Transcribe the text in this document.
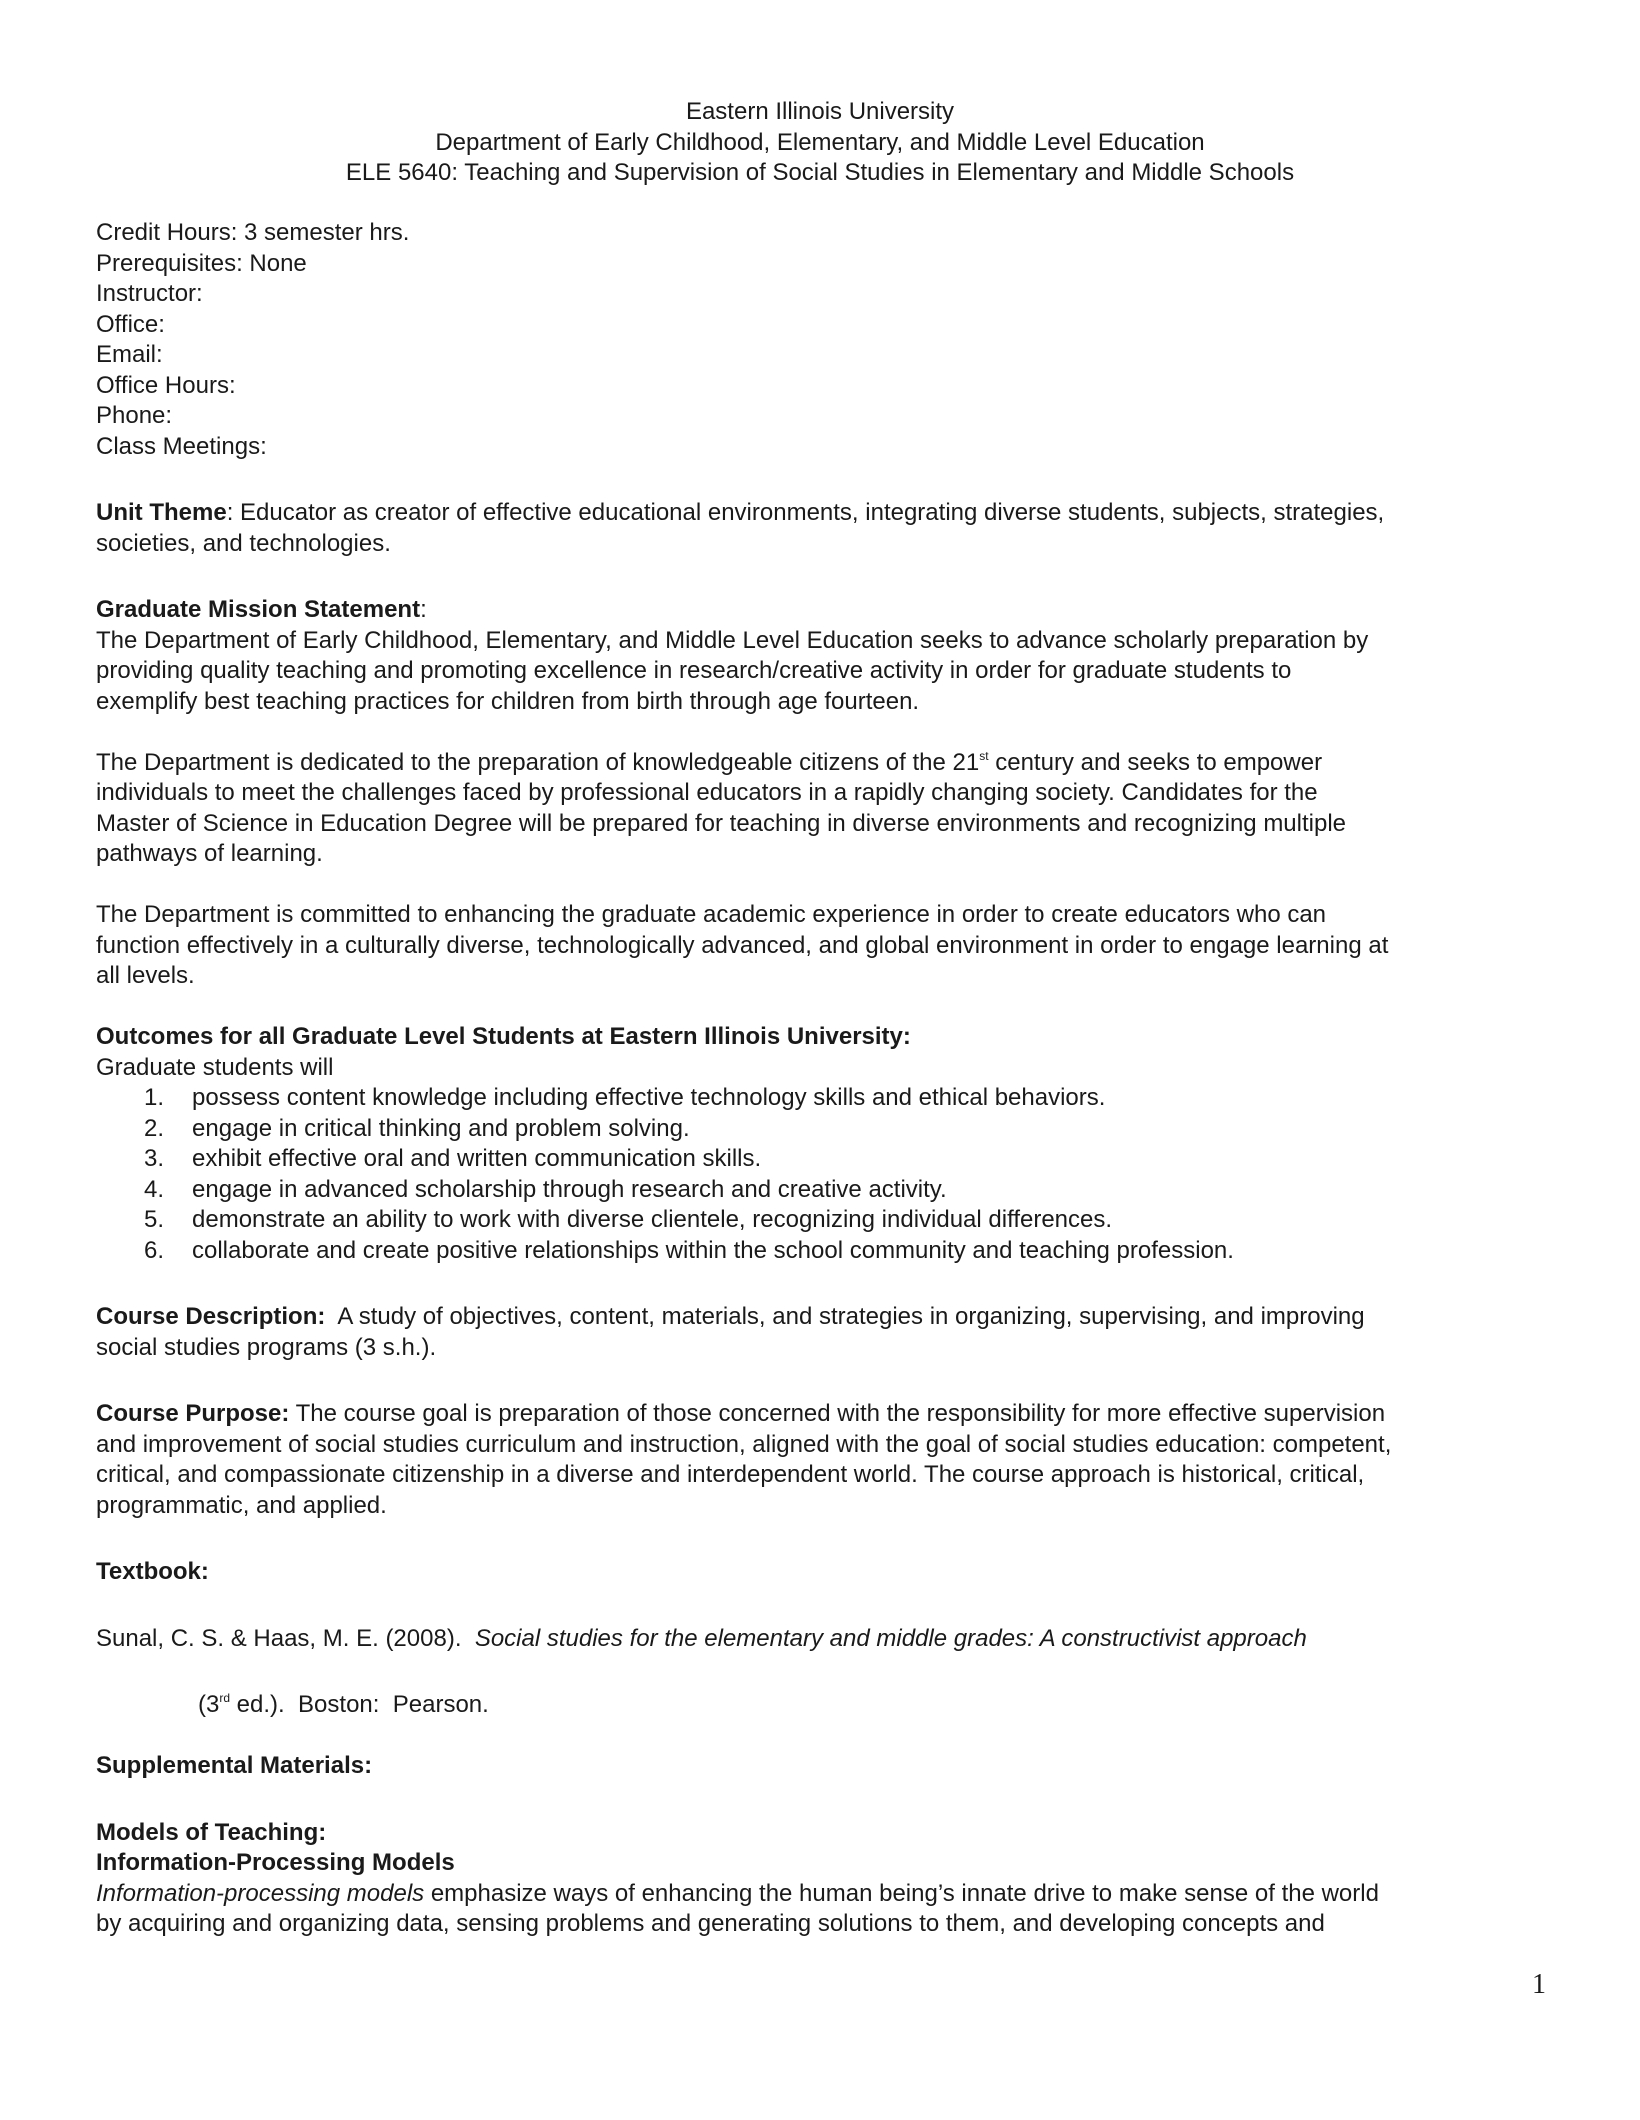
Eastern Illinois University
Department of Early Childhood, Elementary, and Middle Level Education
ELE 5640: Teaching and Supervision of Social Studies in Elementary and Middle Schools
Credit Hours: 3 semester hrs.
Prerequisites: None
Instructor:
Office:
Email:
Office Hours:
Phone:
Class Meetings:
Unit Theme: Educator as creator of effective educational environments, integrating diverse students, subjects, strategies,
societies, and technologies.
Graduate Mission Statement:
The Department of Early Childhood, Elementary, and Middle Level Education seeks to advance scholarly preparation by
providing quality teaching and promoting excellence in research/creative activity in order for graduate students to
exemplify best teaching practices for children from birth through age fourteen.
The Department is dedicated to the preparation of knowledgeable citizens of the 21st century and seeks to empower
individuals to meet the challenges faced by professional educators in a rapidly changing society. Candidates for the
Master of Science in Education Degree will be prepared for teaching in diverse environments and recognizing multiple
pathways of learning.
The Department is committed to enhancing the graduate academic experience in order to create educators who can
function effectively in a culturally diverse, technologically advanced, and global environment in order to engage learning at
all levels.
Outcomes for all Graduate Level Students at Eastern Illinois University:
Graduate students will
1. possess content knowledge including effective technology skills and ethical behaviors.
2. engage in critical thinking and problem solving.
3. exhibit effective oral and written communication skills.
4. engage in advanced scholarship through research and creative activity.
5. demonstrate an ability to work with diverse clientele, recognizing individual differences.
6. collaborate and create positive relationships within the school community and teaching profession.
Course Description:  A study of objectives, content, materials, and strategies in organizing, supervising, and improving
social studies programs (3 s.h.).
Course Purpose: The course goal is preparation of those concerned with the responsibility for more effective supervision
and improvement of social studies curriculum and instruction, aligned with the goal of social studies education: competent,
critical, and compassionate citizenship in a diverse and interdependent world. The course approach is historical, critical,
programmatic, and applied.
Textbook:
Sunal, C. S. & Haas, M. E. (2008).  Social studies for the elementary and middle grades: A constructivist approach
(3rd ed.).  Boston:  Pearson.
Supplemental Materials:
Models of Teaching:
Information-Processing Models
Information-processing models emphasize ways of enhancing the human being’s innate drive to make sense of the world
by acquiring and organizing data, sensing problems and generating solutions to them, and developing concepts and
1
